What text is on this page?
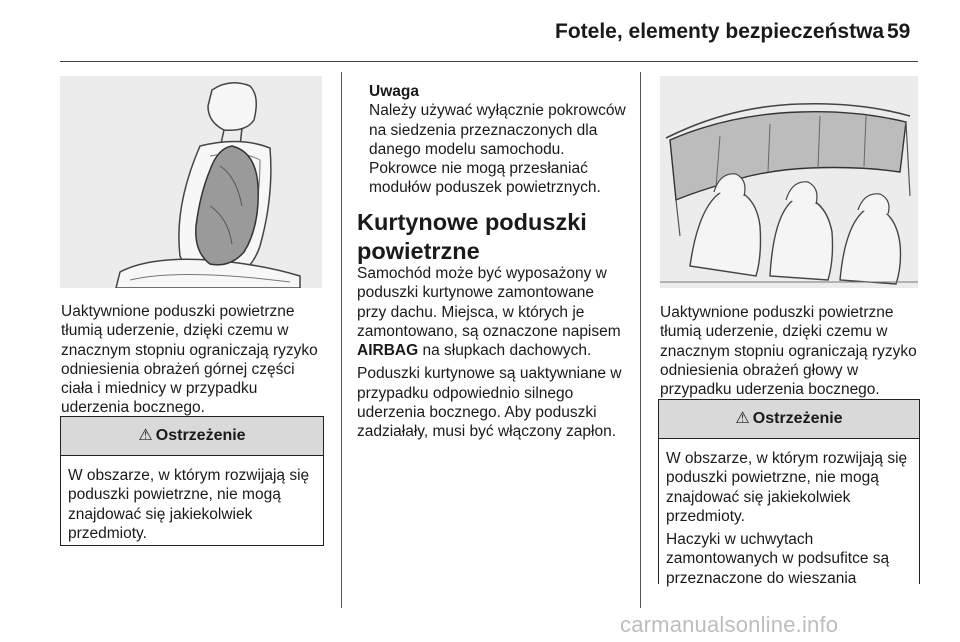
Fotele, elementy bezpieczeństwa 59
Uaktywnione poduszki powietrzne tłumią uderzenie, dzięki czemu w znacznym stopniu ograniczają ryzyko odniesienia obrażeń górnej części ciała i miednicy w przypadku uderzenia bocznego.
⚠ Ostrzeżenie

W obszarze, w którym rozwijają się poduszki powietrzne, nie mogą znajdować się jakiekolwiek przedmioty.

Uwaga
Należy używać wyłącznie pokrowców na siedzenia przeznaczonych dla danego modelu samochodu. Pokrowce nie mogą przesłaniać modułów poduszek powietrznych.
Kurtynowe poduszki powietrzne

Samochód może być wyposażony w poduszki kurtynowe zamontowane przy dachu. Miejsca, w których je zamontowano, są oznaczone napisem AIRBAG na słupkach dachowych.

Poduszki kurtynowe są uaktywniane w przypadku odpowiednio silnego uderzenia bocznego. Aby poduszki zadziałały, musi być włączony zapłon.

Uaktywnione poduszki powietrzne tłumią uderzenie, dzięki czemu w znacznym stopniu ograniczają ryzyko odniesienia obrażeń głowy w przypadku uderzenia bocznego.
⚠ Ostrzeżenie

W obszarze, w którym rozwijają się poduszki powietrzne, nie mogą znajdować się jakiekolwiek przedmioty.

Haczyki w uchwytach zamontowanych w podsufitce są przeznaczone do wieszania

carmanualsonline.info
